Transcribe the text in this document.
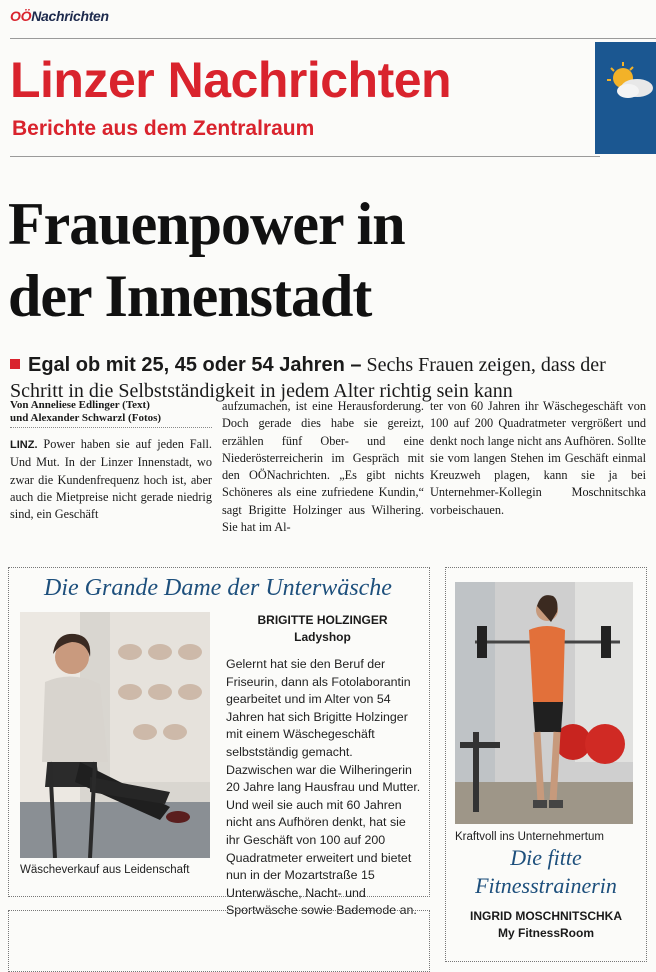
OÖNachrichten
Linzer Nachrichten
Berichte aus dem Zentralraum
Frauenpower in
der Innenstadt
Egal ob mit 25, 45 oder 54 Jahren – Sechs Frauen zeigen, dass der Schritt in die Selbstständigkeit in jedem Alter richtig sein kann
Von Anneliese Edlinger (Text)
und Alexander Schwarzl (Fotos)
LINZ. Power haben sie auf jeden Fall. Und Mut. In der Linzer Innenstadt, wo zwar die Kundenfrequenz hoch ist, aber auch die Mietpreise nicht gerade niedrig sind, ein Geschäft
aufzumachen, ist eine Herausforderung. Doch gerade dies habe sie gereizt, erzählen fünf Ober- und eine Niederösterreicherin im Gespräch mit den OÖNachrichten. „Es gibt nichts Schöneres als eine zufriedene Kundin,“ sagt Brigitte Holzinger aus Wilhering. Sie hat im Al-
ter von 60 Jahren ihr Wäschegeschäft von 100 auf 200 Quadratmeter vergrößert und denkt noch lange nicht ans Aufhören. Sollte sie vom langen Stehen im Geschäft einmal Kreuzweh plagen, kann sie ja bei Unternehmer-Kollegin Moschnitschka vorbeischauen.
Die Grande Dame der Unterwäsche
Wäscheverkauf aus Leidenschaft
BRIGITTE HOLZINGER
Ladyshop
Gelernt hat sie den Beruf der Friseurin, dann als Fotolaborantin gearbeitet und im Alter von 54 Jahren hat sich Brigitte Holzinger mit einem Wäschegeschäft selbstständig gemacht. Dazwischen war die Wilheringerin 20 Jahre lang Hausfrau und Mutter. Und weil sie auch mit 60 Jahren nicht ans Aufhören denkt, hat sie ihr Geschäft von 100 auf 200 Quadratmeter erweitert und bietet nun in der Mozartstraße 15 Unterwäsche, Nacht- und Sportwäsche sowie Bademode an.
Kraftvoll ins Unternehmertum
Die fitte
Fitnesstrainerin
INGRID MOSCHNITSCHKA
My FitnessRoom
